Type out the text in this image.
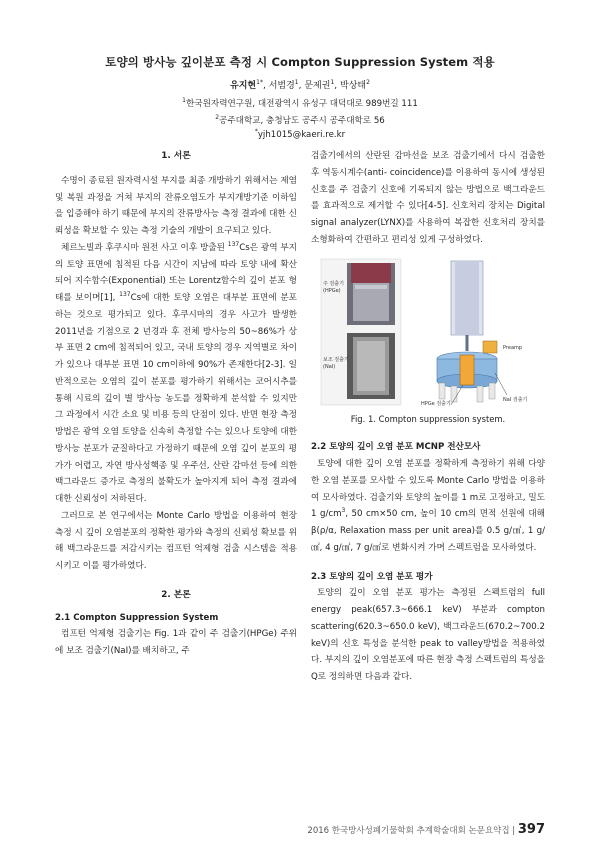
토양의 방사능 깊이분포 측정 시 Compton Suppression System 적용
유지현$^{1*}$, 서범경$^1$, 문제권$^1$, 박상태$^2$
$^1$한국원자력연구원, 대전광역시 유성구 대덕대로 989번길 111
$^2$공주대학교, 충청남도 공주시 공주대학로 56
*yjh1015@kaeri.re.kr
1. 서론

수명이 종료된 원자력시설 부지를 최종 개방하기 위해서는 제염 및 복원 과정을 거쳐 부지의 잔류오염도가 부지개방기준 이하임을 입증해야 하기 때문에 부지의 잔류방사능 측정 결과에 대한 신뢰성을 확보할 수 있는 측정 기술의 개발이 요구되고 있다.

체르노빌과 후쿠시마 원전 사고 이후 방출된 $^{137}$Cs은 광역 부지의 토양 표면에 침적된 다음 시간이 지남에 따라 토양 내에 확산되어 지수함수(Exponential) 또는 Lorentz함수의 깊이 분포 형태를 보이며[1], $^{137}$Cs에 대한 토양 오염은 대부분 표면에 분포하는 것으로 평가되고 있다. 후쿠시마의 경우 사고가 발생한 2011년을 기점으로 2 년경과 후 전체 방사능의 50~86%가 상부 표면 2 cm에 침적되어 있고, 국내 토양의 경우 지역별로 차이가 있으나 대부분 표면 10 cm이하에 90%가 존재한다[2-3]. 일반적으로는 오염의 깊이 분포를 평가하기 위해서는 코어시추를 통해 시료의 깊이 별 방사능 농도를 정확하게 분석할 수 있지만 그 과정에서 시간 소요 및 비용 등의 단점이 있다. 반면 현장 측정방법은 광역 오염 토양을 신속히 측정할 수는 있으나 토양에 대한 방사능 분포가 균질하다고 가정하기 때문에 오염 깊이 분포의 평가가 어렵고, 자연 방사성핵종 및 우주선, 산란 감마선 등에 의한 백그라운드 증가로 측정의 불확도가 높아지게 되어 측정 결과에 대한 신뢰성이 저하된다.

그러므로 본 연구에서는 Monte Carlo 방법을 이용하여 현장 측정 시 깊이 오염분포의 정확한 평가와 측정의 신뢰성 확보를 위해 백그라운드를 저감시키는 컴프턴 억제형 검출 시스템을 적용시키고 이를 평가하였다.

2. 본론
2.1 Compton Suppression System

컴프턴 억제형 검출기는 Fig. 1과 같이 주 검출기(HPGe) 주위에 보조 검출기(NaI)를 배치하고, 주

검출기에서의 산란된 감마선을 보조 검출기에서 다시 검출한 후 역동시계수(anti- coincidence)를 이용하여 동시에 생성된 신호를 주 검출기 신호에 기록되지 않는 방법으로 백그라운드를 효과적으로 제거할 수 있다[4-5]. 신호처리 장치는 Digital signal analyzer(LYNX)를 사용하여 복잡한 신호처리 장치를 소형화하여 간편하고 편리성 있게 구성하였다.

주 검출기
(HPGe)
보조 검출기
(NaI)
Preamp
NaI 검출기
HPGe 검출기
Fig. 1. Compton suppression system.
2.2 토양의 깊이 오염 분포 MCNP 전산모사

토양에 대한 깊이 오염 분포를 정확하게 측정하기 위해 다양한 오염 분포를 모사할 수 있도록 Monte Carlo 방법을 이용하여 모사하였다. 검출기와 토양의 높이를 1 m로 고정하고, 밀도 1 $g/cm^3$, 50 cm×50 cm, 높이 10 cm의 면적 선원에 대해 β(ρ/α, Relaxation mass per unit area)를 0.5 g/㎠, 1 g/㎠, 4 g/㎠, 7 g/㎠로 변화시켜 가며 스펙트럼을 모사하였다.

2.3 토양의 깊이 오염 분포 평가

토양의 깊이 오염 분포 평가는 측정된 스펙트럼의 full energy peak(657.3~666.1 keV) 부분과 compton scattering(620.3~650.0 keV), 백그라운드(670.2~700.2 keV)의 신호 특성을 분석한 peak to valley방법을 적용하였다. 부지의 깊이 오염분포에 따른 현장 측정 스펙트럼의 특성을 Q로 정의하면 다음과 같다.

2016 한국방사성폐기물학회 추계학술대회 논문요약집 | 397
